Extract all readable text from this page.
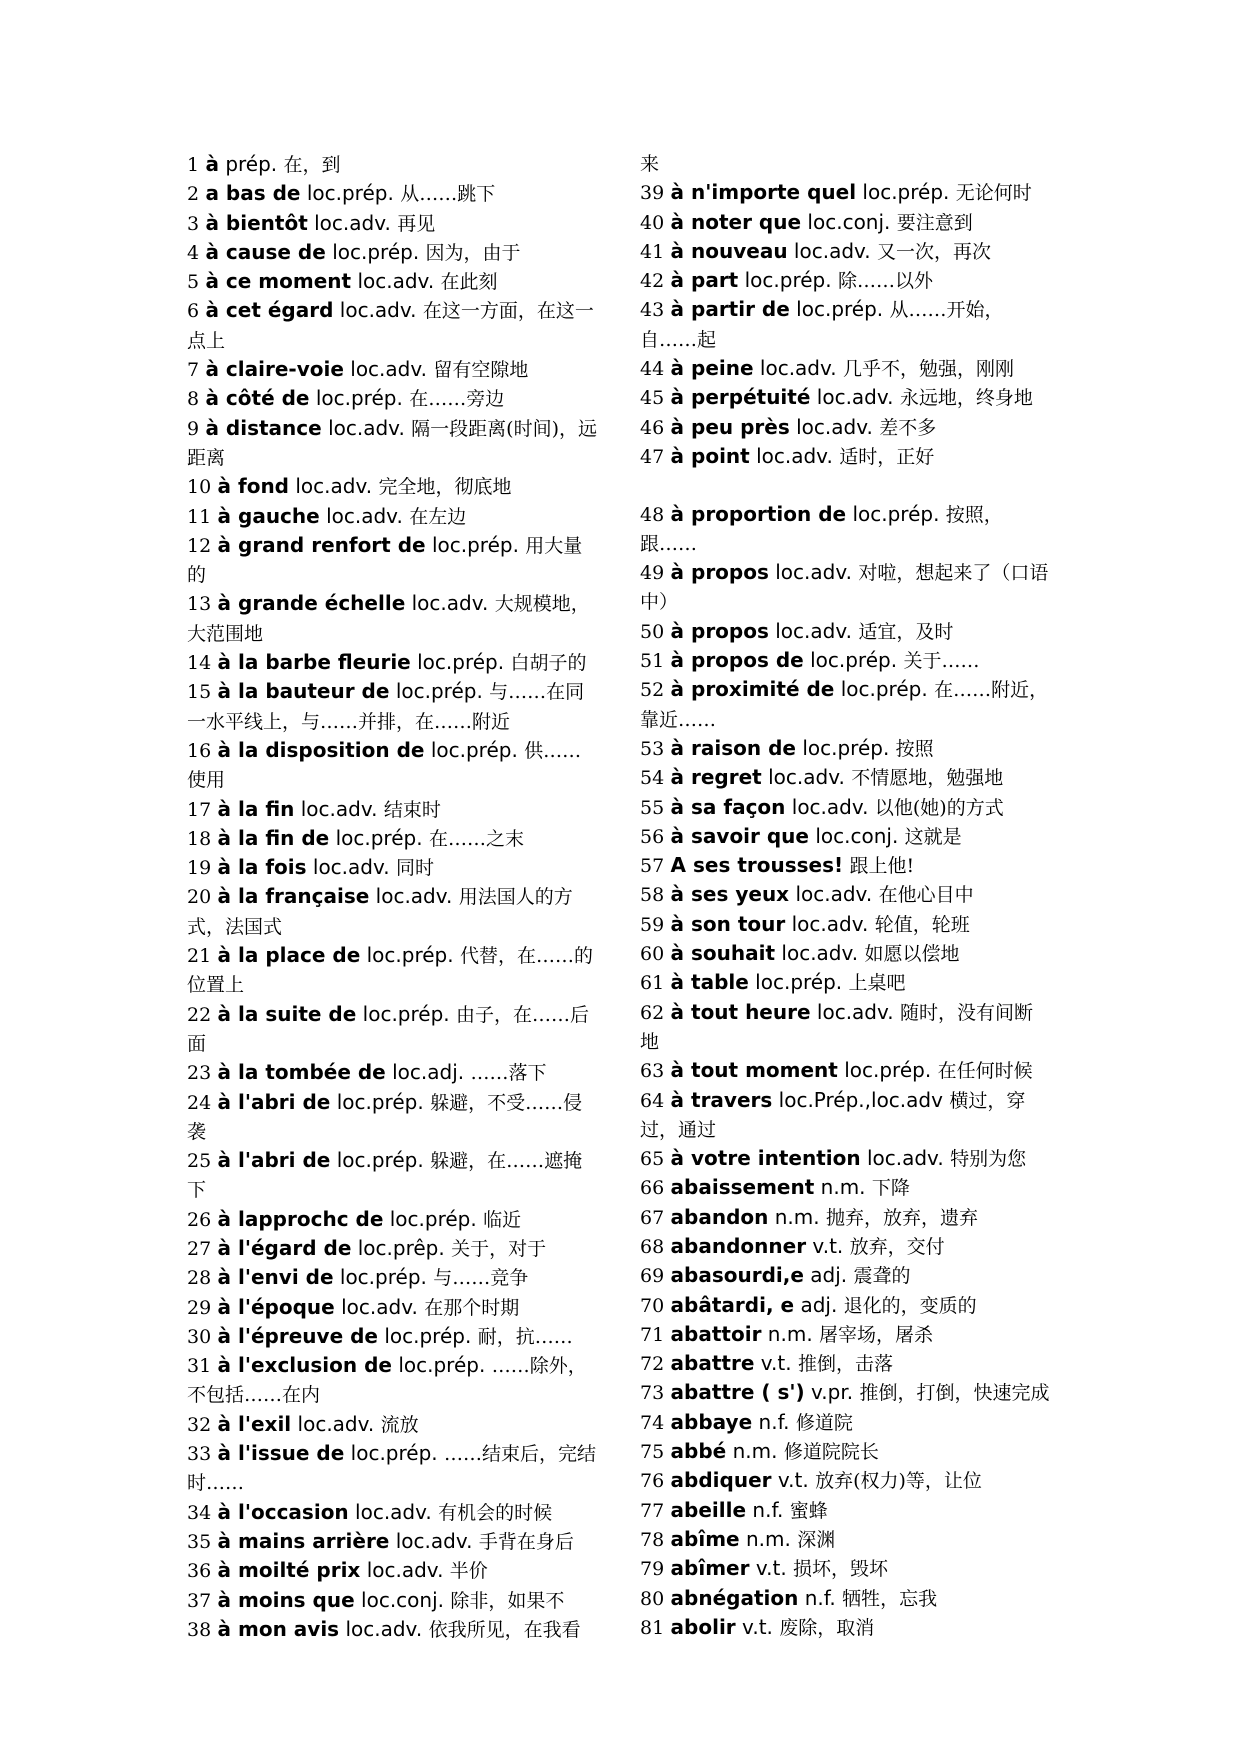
1 à prép. 在，到
2 a bas de loc.prép. 从……跳下
3 à bientôt loc.adv. 再见
4 à cause de loc.prép. 因为，由于
5 à ce moment loc.adv. 在此刻
6 à cet égard loc.adv. 在这一方面，在这一点上
7 à claire-voie loc.adv. 留有空隙地
8 à côté de loc.prép. 在……旁边
9 à distance loc.adv. 隔一段距离(时间)，远距离
10 à fond loc.adv. 完全地，彻底地
11 à gauche loc.adv. 在左边
12 à grand renfort de loc.prép. 用大量的
13 à grande échelle loc.adv. 大规模地，大范围地
14 à la barbe fleurie loc.prép. 白胡子的
15 à la bauteur de loc.prép. 与……在同一水平线上，与……并排，在……附近
16 à la disposition de loc.prép. 供……使用
17 à la fin loc.adv. 结束时
18 à la fin de loc.prép. 在……之末
19 à la fois loc.adv. 同时
20 à la française loc.adv. 用法国人的方式，法国式
21 à la place de loc.prép. 代替，在……的位置上
22 à la suite de loc.prép. 由子，在……后面
23 à la tombée de loc.adj. ……落下
24 à l'abri de loc.prép. 躲避，不受……侵袭
25 à l'abri de loc.prép. 躲避，在……遮掩下
26 à lapprochc de loc.prép. 临近
27 à l'égard de loc.prêp. 关于，对于
28 à l'envi de loc.prép. 与……竞争
29 à l'époque loc.adv. 在那个时期
30 à l'épreuve de loc.prép. 耐，抗……
31 à l'exclusion de loc.prép. ……除外，不包括……在内
32 à l'exil loc.adv. 流放
33 à l'issue de loc.prép. ……结束后，完结时……
34 à l'occasion loc.adv. 有机会的时候
35 à mains arrière loc.adv. 手背在身后
36 à moilté prix loc.adv. 半价
37 à moins que loc.conj. 除非，如果不
38 à mon avis loc.adv. 依我所见，在我看
来
39 à n'importe quel loc.prép. 无论何时
40 à noter que loc.conj. 要注意到
41 à nouveau loc.adv. 又一次，再次
42 à part loc.prép. 除……以外
43 à partir de loc.prép. 从……开始，自……起
44 à peine loc.adv. 几乎不，勉强，刚刚
45 à perpétuité loc.adv. 永远地，终身地
46 à peu près loc.adv. 差不多
47 à point loc.adv. 适时，正好
48 à proportion de loc.prép. 按照，跟……
49 à propos loc.adv. 对啦，想起来了（口语中）
50 à propos loc.adv. 适宜，及时
51 à propos de loc.prép. 关于……
52 à proximité de loc.prép. 在……附近，靠近……
53 à raison de loc.prép. 按照
54 à regret loc.adv. 不情愿地，勉强地
55 à sa façon loc.adv. 以他(她)的方式
56 à savoir que loc.conj. 这就是
57 A ses trousses! 跟上他!
58 à ses yeux loc.adv. 在他心目中
59 à son tour loc.adv. 轮值，轮班
60 à souhait loc.adv. 如愿以偿地
61 à table loc.prép. 上桌吧
62 à tout heure loc.adv. 随时，没有间断地
63 à tout moment loc.prép. 在任何时候
64 à travers loc.Prép.,loc.adv 横过，穿过，通过
65 à votre intention loc.adv. 特别为您
66 abaissement n.m. 下降
67 abandon n.m. 抛弃，放弃，遗弃
68 abandonner v.t. 放弃，交付
69 abasourdi,e adj. 震聋的
70 abâtardi, e adj. 退化的，变质的
71 abattoir n.m. 屠宰场，屠杀
72 abattre v.t. 推倒，击落
73 abattre ( s') v.pr. 推倒，打倒，快速完成
74 abbaye n.f. 修道院
75 abbé n.m. 修道院院长
76 abdiquer v.t. 放弃(权力)等，让位
77 abeille n.f. 蜜蜂
78 abîme n.m. 深渊
79 abîmer v.t. 损坏，毁坏
80 abnégation n.f. 牺牲，忘我
81 abolir v.t. 废除，取消
